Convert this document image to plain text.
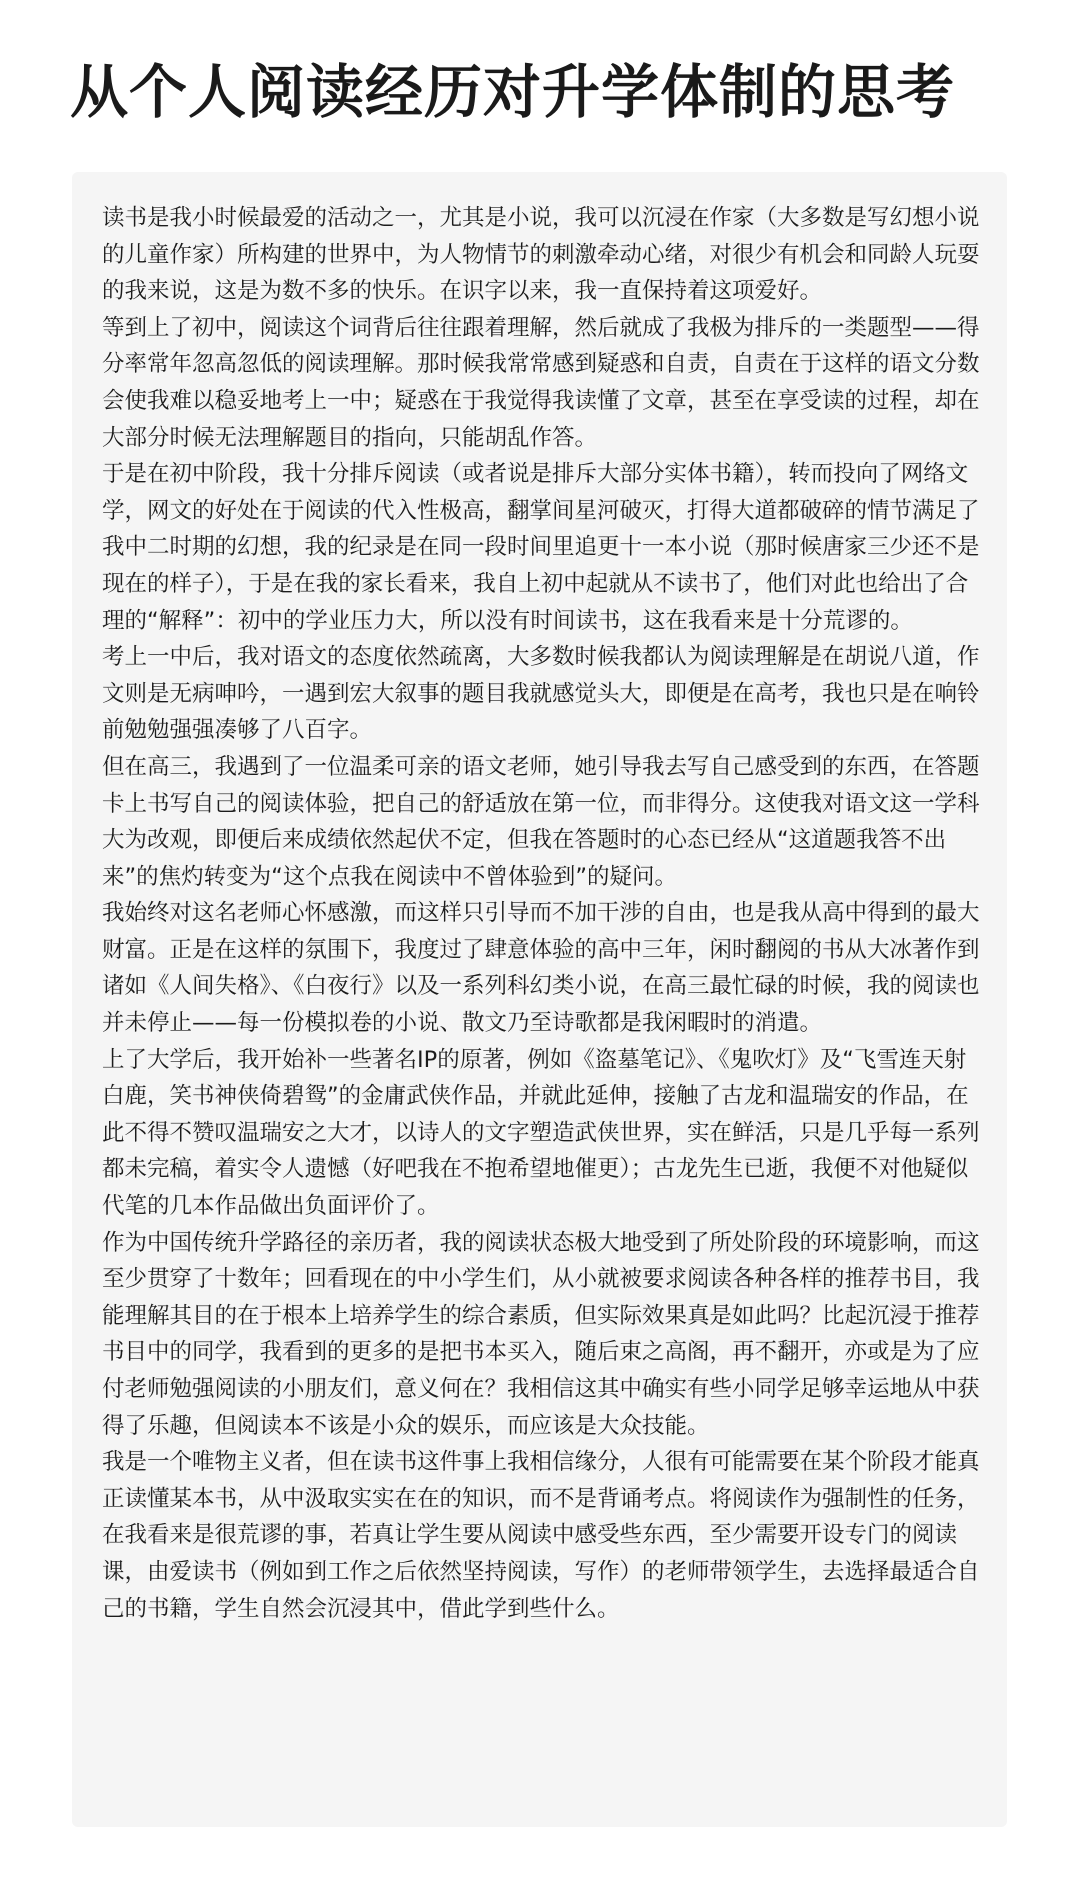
从个人阅读经历对升学体制的思考

读书是我小时候最爱的活动之一，尤其是小说，我可以沉浸在作家（大多数是写幻想小说的儿童作家）所构建的世界中，为人物情节的刺激牵动心绪，对很少有机会和同龄人玩耍的我来说，这是为数不多的快乐。在识字以来，我一直保持着这项爱好。

等到上了初中，阅读这个词背后往往跟着理解，然后就成了我极为排斥的一类题型——得分率常年忽高忽低的阅读理解。那时候我常常感到疑惑和自责，自责在于这样的语文分数会使我难以稳妥地考上一中；疑惑在于我觉得我读懂了文章，甚至在享受读的过程，却在大部分时候无法理解题目的指向，只能胡乱作答。

于是在初中阶段，我十分排斥阅读（或者说是排斥大部分实体书籍），转而投向了网络文学，网文的好处在于阅读的代入性极高，翻掌间星河破灭，打得大道都破碎的情节满足了我中二时期的幻想，我的纪录是在同一段时间里追更十一本小说（那时候唐家三少还不是现在的样子），于是在我的家长看来，我自上初中起就从不读书了，他们对此也给出了合理的“解释”：初中的学业压力大，所以没有时间读书，这在我看来是十分荒谬的。

考上一中后，我对语文的态度依然疏离，大多数时候我都认为阅读理解是在胡说八道，作文则是无病呻吟，一遇到宏大叙事的题目我就感觉头大，即便是在高考，我也只是在响铃前勉勉强强凑够了八百字。

但在高三，我遇到了一位温柔可亲的语文老师，她引导我去写自己感受到的东西，在答题卡上书写自己的阅读体验，把自己的舒适放在第一位，而非得分。这使我对语文这一学科大为改观，即便后来成绩依然起伏不定，但我在答题时的心态已经从“这道题我答不出来”的焦灼转变为“这个点我在阅读中不曾体验到”的疑问。

我始终对这名老师心怀感激，而这样只引导而不加干涉的自由，也是我从高中得到的最大财富。正是在这样的氛围下，我度过了肆意体验的高中三年，闲时翻阅的书从大冰著作到诸如《人间失格》、《白夜行》以及一系列科幻类小说，在高三最忙碌的时候，我的阅读也并未停止——每一份模拟卷的小说、散文乃至诗歌都是我闲暇时的消遣。

上了大学后，我开始补一些著名IP的原著，例如《盗墓笔记》、《鬼吹灯》及“飞雪连天射白鹿，笑书神侠倚碧鸳”的金庸武侠作品，并就此延伸，接触了古龙和温瑞安的作品，在此不得不赞叹温瑞安之大才，以诗人的文字塑造武侠世界，实在鲜活，只是几乎每一系列都未完稿，着实令人遗憾（好吧我在不抱希望地催更）；古龙先生已逝，我便不对他疑似代笔的几本作品做出负面评价了。

作为中国传统升学路径的亲历者，我的阅读状态极大地受到了所处阶段的环境影响，而这至少贯穿了十数年；回看现在的中小学生们，从小就被要求阅读各种各样的推荐书目，我能理解其目的在于根本上培养学生的综合素质，但实际效果真是如此吗？比起沉浸于推荐书目中的同学，我看到的更多的是把书本买入，随后束之高阁，再不翻开，亦或是为了应付老师勉强阅读的小朋友们，意义何在？我相信这其中确实有些小同学足够幸运地从中获得了乐趣，但阅读本不该是小众的娱乐，而应该是大众技能。

我是一个唯物主义者，但在读书这件事上我相信缘分，人很有可能需要在某个阶段才能真正读懂某本书，从中汲取实实在在的知识，而不是背诵考点。将阅读作为强制性的任务，在我看来是很荒谬的事，若真让学生要从阅读中感受些东西，至少需要开设专门的阅读课，由爱读书（例如到工作之后依然坚持阅读，写作）的老师带领学生，去选择最适合自己的书籍，学生自然会沉浸其中，借此学到些什么。
